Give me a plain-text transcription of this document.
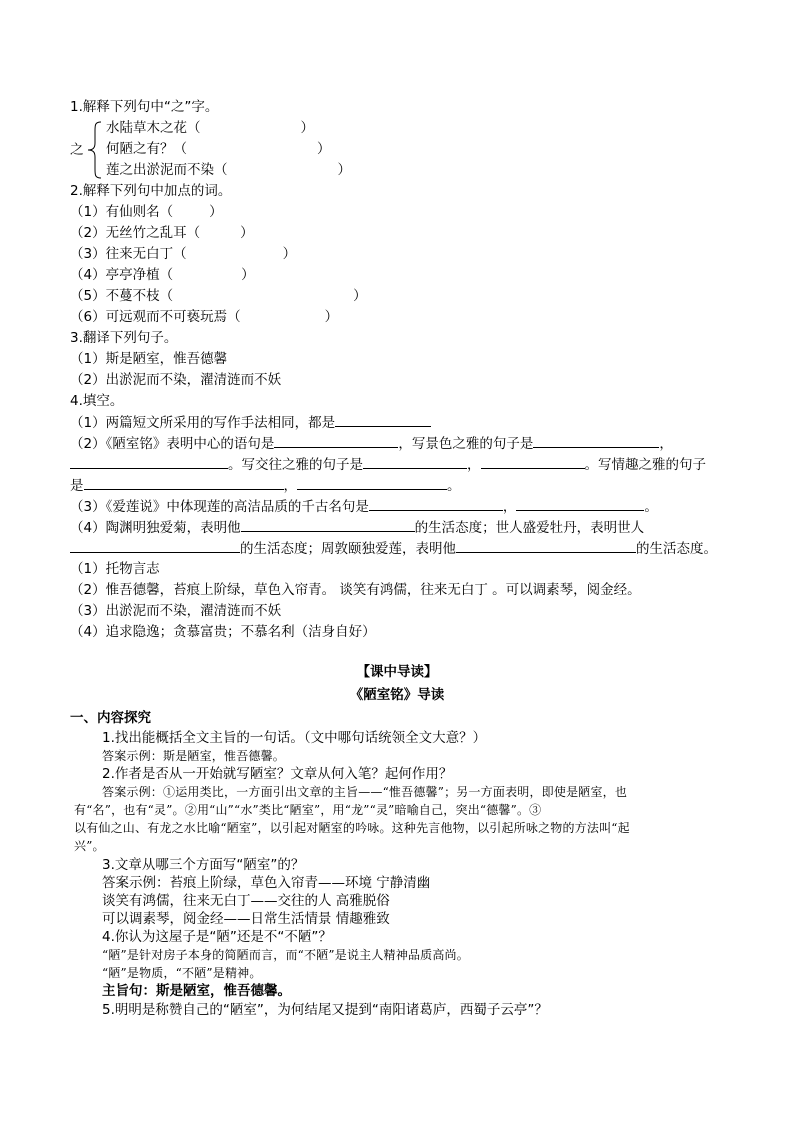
1.解释下列句中“之”字。
之
水陆草木之花（	）
何陋之有？（	）
莲之出淤泥而不染（	）
2.解释下列句中加点的词。
（1）有仙则名（	）
（2）无丝竹之乱耳（	）
（3）往来无白丁（	）
（4）亭亭净植（	）
（5）不蔓不枝（	）
（6）可远观而不可亵玩焉（	）
3.翻译下列句子。
（1）斯是陋室，惟吾德馨
（2）出淤泥而不染，濯清涟而不妖
4.填空。
（1）两篇短文所采用的写作手法相同，都是
（2）《陋室铭》表明中心的语句是	，写景色之雅的句子是	，
。写交往之雅的句子是	，	。写情趣之雅的句子
是	，	。
（3）《爱莲说》中体现莲的高洁品质的千古名句是	，	。
（4）陶渊明独爱菊，表明他	的生活态度；世人盛爱牡丹，表明世人
的生活态度；周敦颐独爱莲，表明他	的生活态度。
（1）托物言志
（2）惟吾德馨，苔痕上阶绿，草色入帘青。 谈笑有鸿儒，往来无白丁 。可以调素琴，阅金经。
（3）出淤泥而不染，濯清涟而不妖
（4）追求隐逸；贪慕富贵；不慕名利（洁身自好）
【课中导读】
《陋室铭》导读
一、内容探究
1.找出能概括全文主旨的一句话。（文中哪句话统领全文大意？）
答案示例：斯是陋室，惟吾德馨。
2.作者是否从一开始就写陋室？文章从何入笔？起何作用？
答案示例：①运用类比，一方面引出文章的主旨——“惟吾德馨”；另一方面表明，即使是陋室，也
有“名”，也有“灵”。②用“山”“水”类比“陋室”，用“龙”“灵”暗喻自己，突出“德馨”。③
以有仙之山、有龙之水比喻“陋室”，以引起对陋室的吟咏。这种先言他物，以引起所咏之物的方法叫“起
兴”。
3.文章从哪三个方面写“陋室”的？
答案示例：苔痕上阶绿，草色入帘青——环境 宁静清幽
谈笑有鸿儒，往来无白丁——交往的人 高雅脱俗
可以调素琴，阅金经——日常生活情景 情趣雅致
4.你认为这屋子是“陋”还是不“不陋”？
“陋”是针对房子本身的简陋而言，而“不陋”是说主人精神品质高尚。
“陋”是物质，“不陋”是精神。
主旨句：斯是陋室，惟吾德馨。
5.明明是称赞自己的“陋室”，为何结尾又提到“南阳诸葛庐，西蜀子云亭”？
